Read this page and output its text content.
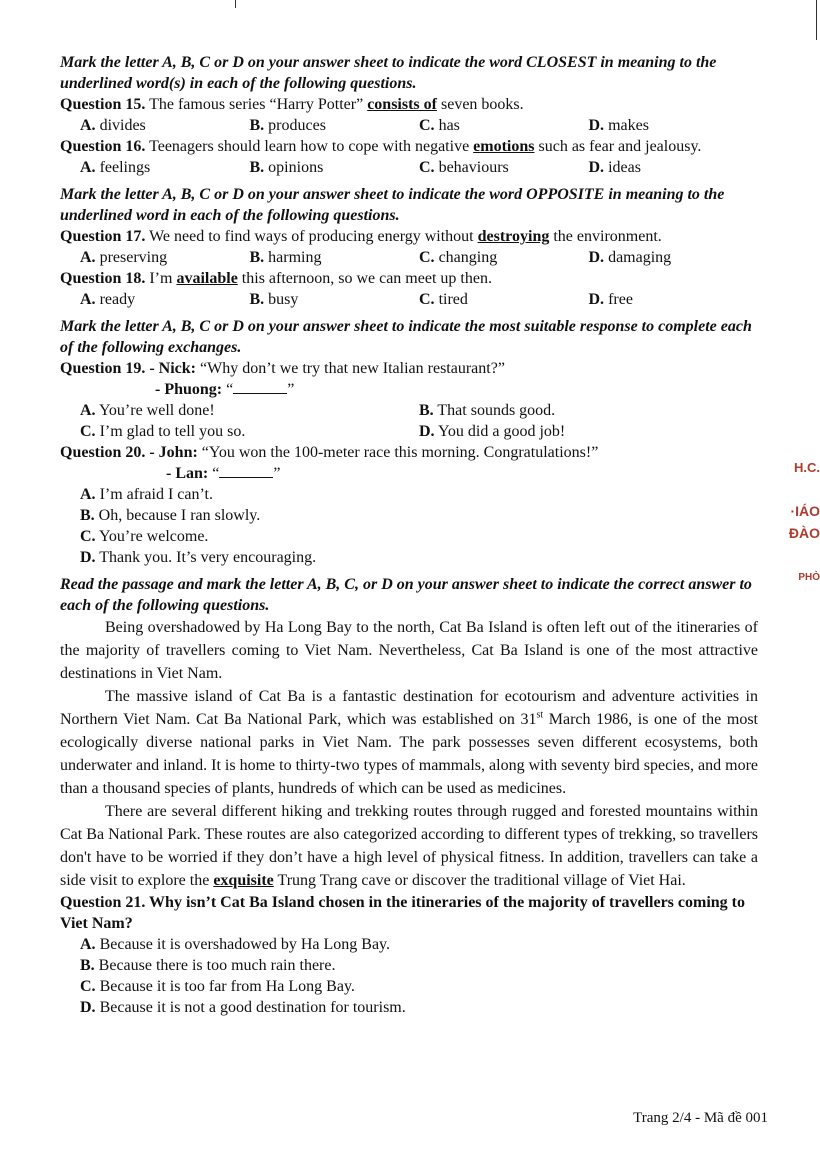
Mark the letter A, B, C or D on your answer sheet to indicate the word CLOSEST in meaning to the underlined word(s) in each of the following questions.
Question 15. The famous series “Harry Potter” consists of seven books.
A. divides	B. produces	C. has	D. makes
Question 16. Teenagers should learn how to cope with negative emotions such as fear and jealousy.
A. feelings	B. opinions	C. behaviours	D. ideas
Mark the letter A, B, C or D on your answer sheet to indicate the word OPPOSITE in meaning to the underlined word in each of the following questions.
Question 17. We need to find ways of producing energy without destroying the environment.
A. preserving	B. harming	C. changing	D. damaging
Question 18. I’m available this afternoon, so we can meet up then.
A. ready	B. busy	C. tired	D. free
Mark the letter A, B, C or D on your answer sheet to indicate the most suitable response to complete each of the following exchanges.
Question 19. - Nick: “Why don’t we try that new Italian restaurant?”
- Phuong: “	”
A. You’re well done!	B. That sounds good.
C. I’m glad to tell you so.	D. You did a good job!
Question 20. - John: “You won the 100-meter race this morning. Congratulations!”
- Lan: “	”
A. I’m afraid I can’t.
B. Oh, because I ran slowly.
C. You’re welcome.
D. Thank you. It’s very encouraging.
Read the passage and mark the letter A, B, C, or D on your answer sheet to indicate the correct answer to each of the following questions.
Being overshadowed by Ha Long Bay to the north, Cat Ba Island is often left out of the itineraries of the majority of travellers coming to Viet Nam. Nevertheless, Cat Ba Island is one of the most attractive destinations in Viet Nam.
The massive island of Cat Ba is a fantastic destination for ecotourism and adventure activities in Northern Viet Nam. Cat Ba National Park, which was established on 31st March 1986, is one of the most ecologically diverse national parks in Viet Nam. The park possesses seven different ecosystems, both underwater and inland. It is home to thirty-two types of mammals, along with seventy bird species, and more than a thousand species of plants, hundreds of which can be used as medicines.
There are several different hiking and trekking routes through rugged and forested mountains within Cat Ba National Park. These routes are also categorized according to different types of trekking, so travellers don't have to be worried if they don’t have a high level of physical fitness. In addition, travellers can take a side visit to explore the exquisite Trung Trang cave or discover the traditional village of Viet Hai.
Question 21. Why isn’t Cat Ba Island chosen in the itineraries of the majority of travellers coming to Viet Nam?
A. Because it is overshadowed by Ha Long Bay.
B. Because there is too much rain there.
C. Because it is too far from Ha Long Bay.
D. Because it is not a good destination for tourism.
H.C.
·IÁO
ĐÀO
PHÒ
Trang 2/4 - Mã đề 001
